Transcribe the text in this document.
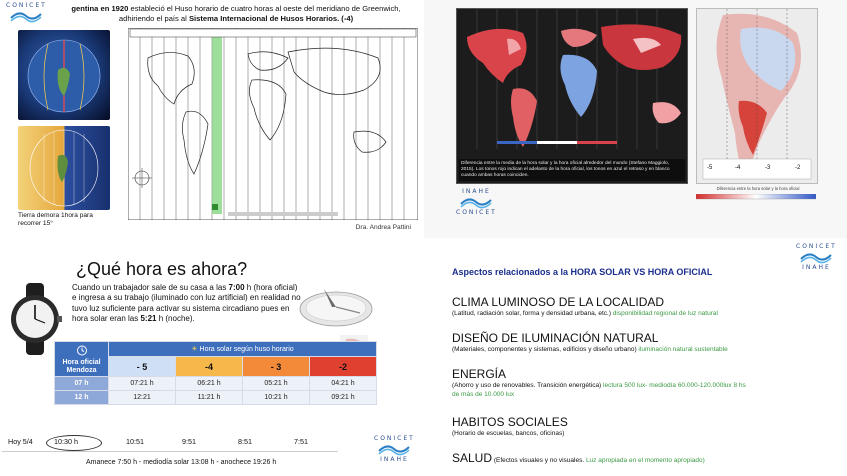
CONICET	gentina en 1920 estableció el Huso horario de cuatro horas al oeste del meridiano de Greenwich,
adhiriendo el país al Sistema Internacional de Husos Horarios. (-4)
Tierra demora 1hora para recorrer 15°
Dra. Andrea Pattini
Diferencia entre la media de la hora solar y la hora oficial alrededor del mundo (Stefano Maggiolo, 2015). Los tonos rojo indican el adelanto de la hora oficial, los tonos en azul el retraso y en blanco cuando ambas horas coinciden.
-5	-4	-3	-2
Diferencia entre la hora solar y la hora oficial
INAHE
CONICET
¿Qué hora es ahora?
Cuando un trabajador sale de su casa a las 7:00 h (hora oficial) e ingresa a su trabajo (iluminado con luz artificial) en realidad no tuvo luz suficiente para activar su sistema circadiano pues en hora solar eran las 5:21 h (noche).

Hora oficial Mendoza	☀ Hora solar según huso horario			
	- 5	-4	- 3	-2
07 h	07:21 h	06:21 h	05:21 h	04:21 h
12 h	12:21	11:21 h	10:21 h	09:21 h
Hoy 5/4	10:30 h	10:51	9:51	8:51	7:51
Amanece 7:50 h - mediodía solar 13:08 h - anochece 19:26 h
CONICET
INAHE
CONICET
INAHE
Aspectos relacionados a la HORA SOLAR VS HORA OFICIAL
CLIMA LUMINOSO DE LA LOCALIDAD
(Latitud, radiación solar, forma y densidad urbana, etc.) disponibilidad regional de luz natural
DISEÑO DE ILUMINACIÓN NATURAL
(Materiales, componentes y sistemas, edificios y diseño urbano) iluminación natural sustentable
ENERGÍA
(Ahorro y uso de renovables. Transición energética) lectura 500 lux- mediodía 60.000-120.000lux 8 hs de más de 10.000 lux
HABITOS SOCIALES
(Horario de escuelas, bancos, oficinas)
SALUD (Efectos visuales y no visuales. Luz apropiada en el momento apropiado)
